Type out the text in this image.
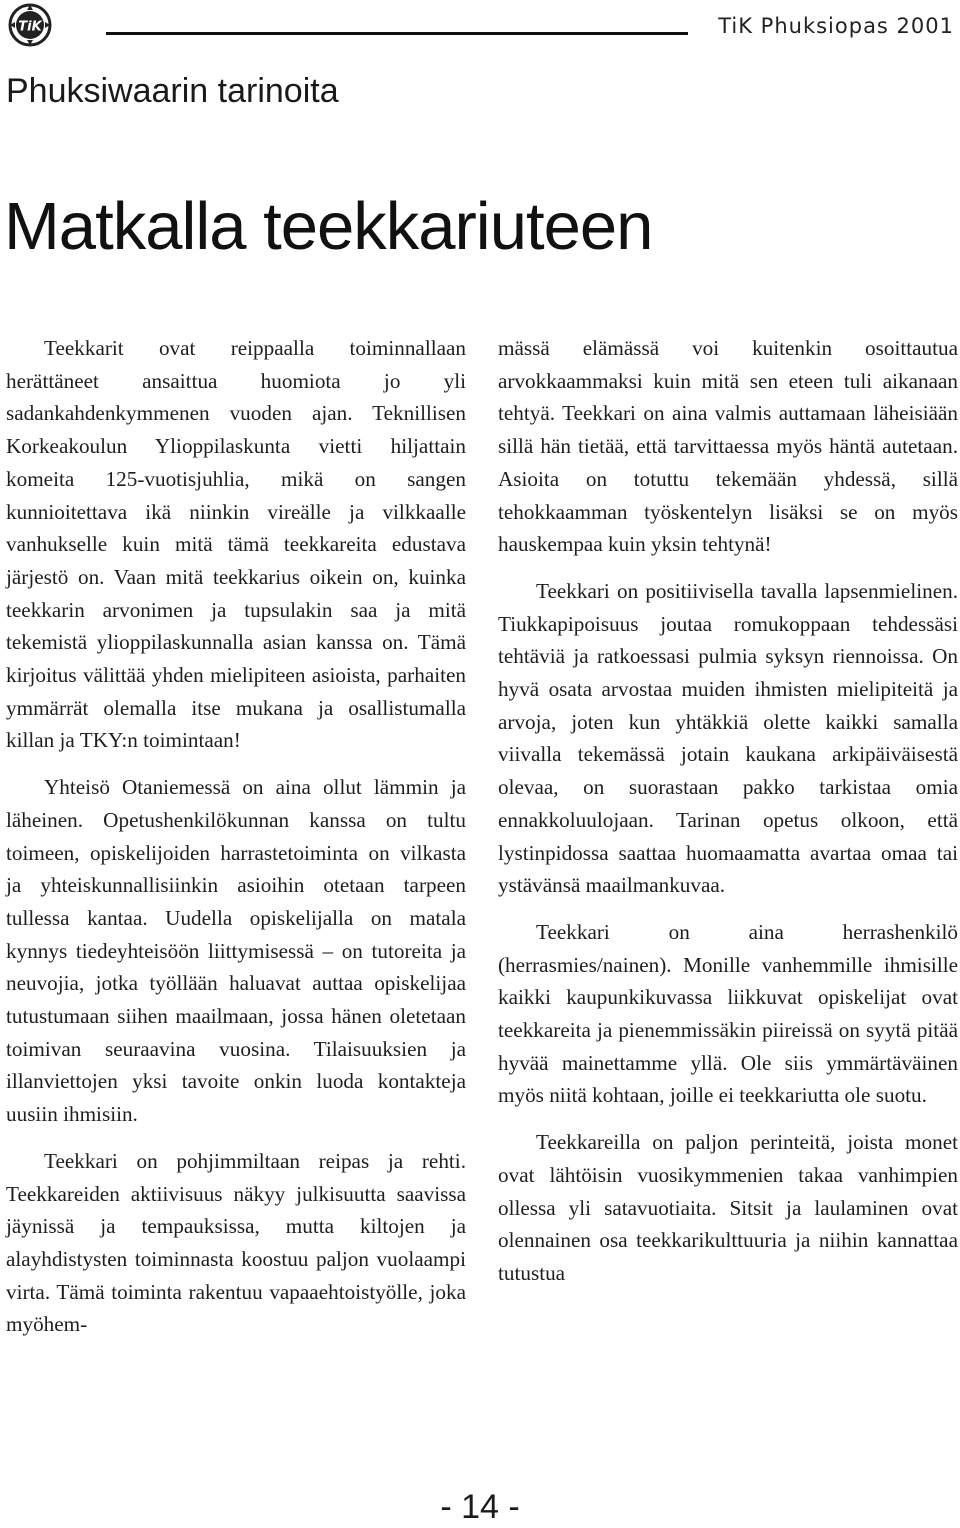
TiK	TiK Phuksiopas 2001
Phuksiwaarin tarinoita
Matkalla teekkariuteen

Teekkarit ovat reippaalla toiminnallaan herättäneet ansaittua huomiota jo yli sadankahdenkymmenen vuoden ajan. Teknillisen Korkeakoulun Ylioppilaskunta vietti hiljattain komeita 125-vuotisjuhlia, mikä on sangen kunnioitettava ikä niinkin vireälle ja vilkkaalle vanhukselle kuin mitä tämä teekkareita edustava järjestö on. Vaan mitä teekkarius oikein on, kuinka teekkarin arvonimen ja tupsulakin saa ja mitä tekemistä ylioppilaskunnalla asian kanssa on. Tämä kirjoitus välittää yhden mielipiteen asioista, parhaiten ymmärrät olemalla itse mukana ja osallistumalla killan ja TKY:n toimintaan!

Yhteisö Otaniemessä on aina ollut lämmin ja läheinen. Opetushenkilökunnan kanssa on tultu toimeen, opiskelijoiden harrastetoiminta on vilkasta ja yhteiskunnallisiinkin asioihin otetaan tarpeen tullessa kantaa. Uudella opiskelijalla on matala kynnys tiedeyhteisöön liittymisessä – on tutoreita ja neuvojia, jotka työllään haluavat auttaa opiskelijaa tutustumaan siihen maailmaan, jossa hänen oletetaan toimivan seuraavina vuosina. Tilaisuuksien ja illanviettojen yksi tavoite onkin luoda kontakteja uusiin ihmisiin.

Teekkari on pohjimmiltaan reipas ja rehti. Teekkareiden aktiivisuus näkyy julkisuutta saavissa jäynissä ja tempauksissa, mutta kiltojen ja alayhdistysten toiminnasta koostuu paljon vuolaampi virta. Tämä toiminta rakentuu vapaaehtoistyölle, joka myöhem-

mässä elämässä voi kuitenkin osoittautua arvokkaammaksi kuin mitä sen eteen tuli aikanaan tehtyä. Teekkari on aina valmis auttamaan läheisiään sillä hän tietää, että tarvittaessa myös häntä autetaan. Asioita on totuttu tekemään yhdessä, sillä tehokkaamman työskentelyn lisäksi se on myös hauskempaa kuin yksin tehtynä!

Teekkari on positiivisella tavalla lapsenmielinen. Tiukkapipoisuus joutaa romukoppaan tehdessäsi tehtäviä ja ratkoessasi pulmia syksyn riennoissa. On hyvä osata arvostaa muiden ihmisten mielipiteitä ja arvoja, joten kun yhtäkkiä olette kaikki samalla viivalla tekemässä jotain kaukana arkipäiväisestä olevaa, on suorastaan pakko tarkistaa omia ennakkoluulojaan. Tarinan opetus olkoon, että lystinpidossa saattaa huomaamatta avartaa omaa tai ystävänsä maailmankuvaa.

Teekkari on aina herrashenkilö (herrasmies/nainen). Monille vanhemmille ihmisille kaikki kaupunkikuvassa liikkuvat opiskelijat ovat teekkareita ja pienemmissäkin piireissä on syytä pitää hyvää mainettamme yllä. Ole siis ymmärtäväinen myös niitä kohtaan, joille ei teekkariutta ole suotu.

Teekkareilla on paljon perinteitä, joista monet ovat lähtöisin vuosikymmenien takaa vanhimpien ollessa yli satavuotiaita. Sitsit ja laulaminen ovat olennainen osa teekkarikulttuuria ja niihin kannattaa tutustua

- 14 -
